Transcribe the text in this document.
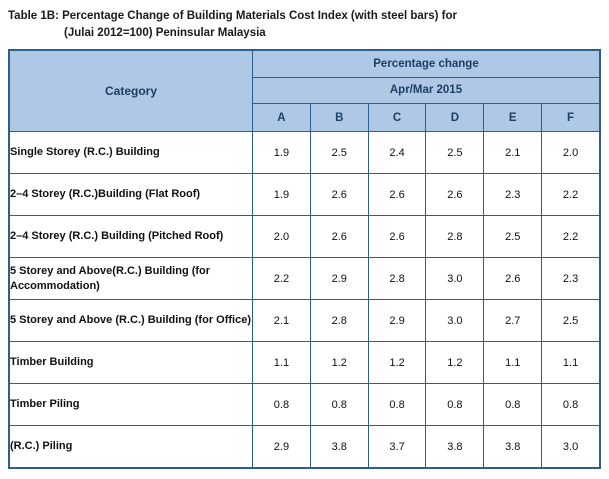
Table 1B: Percentage Change of Building Materials Cost Index (with steel bars) for
(Julai 2012=100) Peninsular Malaysia
Category	Percentage change					
	Apr/Mar 2015					
	A	B	C	D	E	F
Single Storey (R.C.) Building	1.9	2.5	2.4	2.5	2.1	2.0
2–4 Storey (R.C.)Building (Flat Roof)	1.9	2.6	2.6	2.6	2.3	2.2
2–4 Storey (R.C.) Building (Pitched Roof)	2.0	2.6	2.6	2.8	2.5	2.2
5 Storey and Above(R.C.) Building (for Accommodation)	2.2	2.9	2.8	3.0	2.6	2.3
5 Storey and Above (R.C.) Building (for Office)	2.1	2.8	2.9	3.0	2.7	2.5
Timber Building	1.1	1.2	1.2	1.2	1.1	1.1
Timber Piling	0.8	0.8	0.8	0.8	0.8	0.8
(R.C.) Piling	2.9	3.8	3.7	3.8	3.8	3.0
